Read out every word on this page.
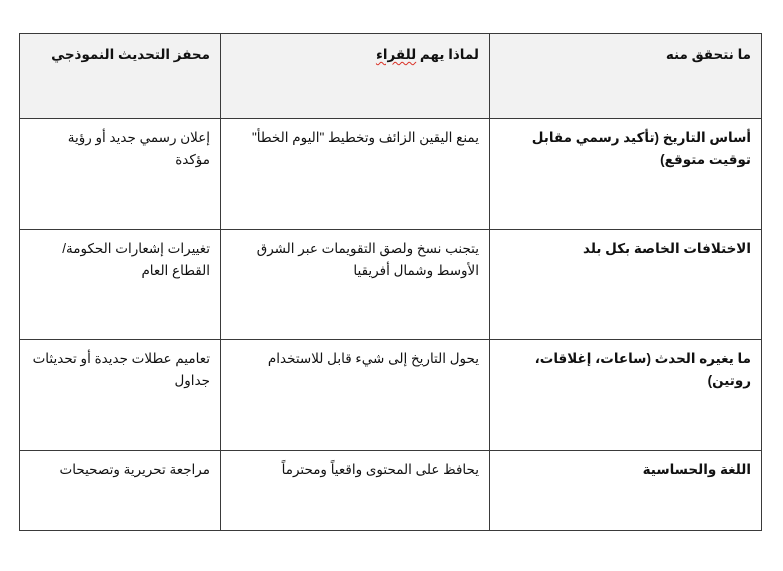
ما نتحقق منه	لماذا يهم للقراء	محفز التحديث النموذجي
أساس التاريخ (تأكيد رسمي مقابل توقيت متوقع)	يمنع اليقين الزائف وتخطيط "اليوم الخطأ"	إعلان رسمي جديد أو رؤية مؤكدة
الاختلافات الخاصة بكل بلد	يتجنب نسخ ولصق التقويمات عبر الشرق الأوسط وشمال أفريقيا	تغييرات إشعارات الحكومة/القطاع العام
ما يغيره الحدث (ساعات، إغلاقات، روتين)	يحول التاريخ إلى شيء قابل للاستخدام	تعاميم عطلات جديدة أو تحديثات جداول
اللغة والحساسية	يحافظ على المحتوى واقعياً ومحترماً	مراجعة تحريرية وتصحيحات
